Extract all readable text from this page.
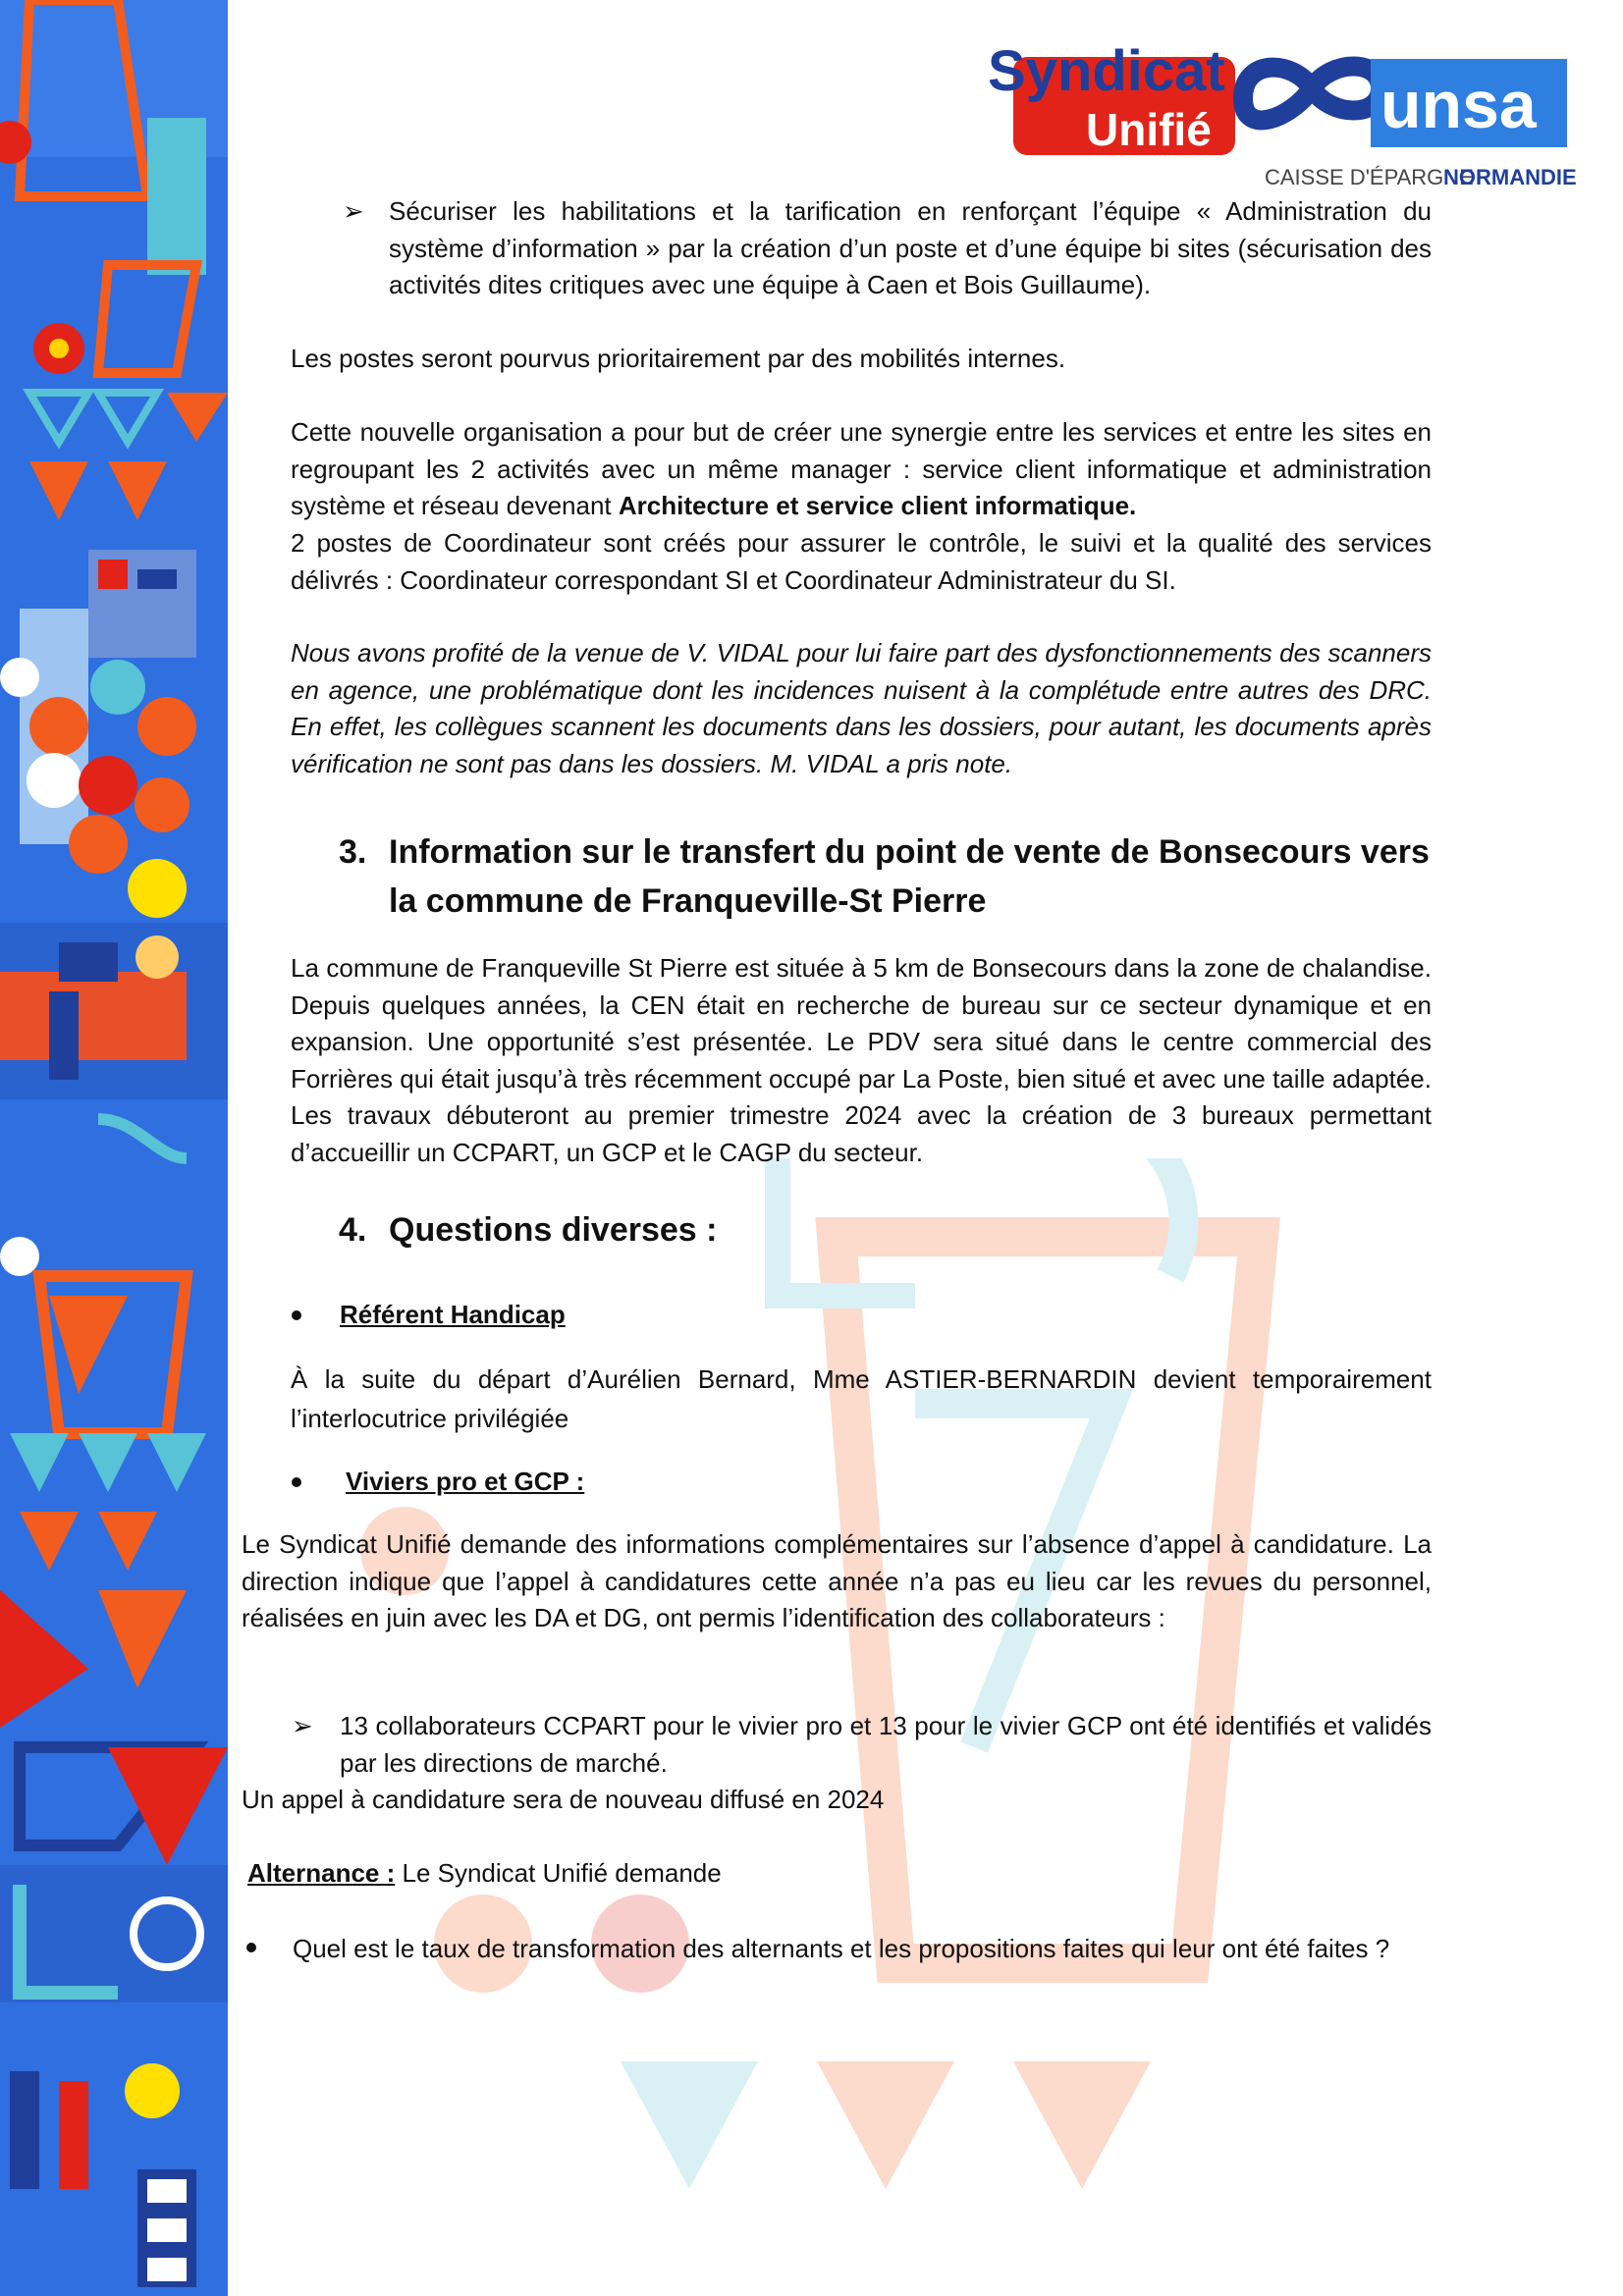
Syndicat
Unifié	unsa
CAISSE D'ÉPARGNE
NORMANDIE
➢ Sécuriser les habilitations et la tarification en renforçant l’équipe « Administration du système d’information » par la création d’un poste et d’une équipe bi sites (sécurisation des activités dites critiques avec une équipe à Caen et Bois Guillaume).

Les postes seront pourvus prioritairement par des mobilités internes.

Cette nouvelle organisation a pour but de créer une synergie entre les services et entre les sites en regroupant les 2 activités avec un même manager : service client informatique et administration système et réseau devenant Architecture et service client informatique.

2 postes de Coordinateur sont créés pour assurer le contrôle, le suivi et la qualité des services délivrés : Coordinateur correspondant SI et Coordinateur Administrateur du SI.

Nous avons profité de la venue de V. VIDAL pour lui faire part des dysfonctionnements des scanners en agence, une problématique dont les incidences nuisent à la complétude entre autres des DRC. En effet, les collègues scannent les documents dans les dossiers, pour autant, les documents après vérification ne sont pas dans les dossiers. M. VIDAL a pris note.

3. Information sur le transfert du point de vente de Bonsecours vers

la commune de Franqueville-St Pierre

La commune de Franqueville St Pierre est située à 5 km de Bonsecours dans la zone de chalandise. Depuis quelques années, la CEN était en recherche de bureau sur ce secteur dynamique et en expansion. Une opportunité s’est présentée. Le PDV sera situé dans le centre commercial des Forrières qui était jusqu’à très récemment occupé par La Poste, bien situé et avec une taille adaptée. Les travaux débuteront au premier trimestre 2024 avec la création de 3 bureaux permettant d’accueillir un CCPART, un GCP et le CAGP du secteur.

4. Questions diverses :

Référent Handicap

À la suite du départ d’Aurélien Bernard, Mme ASTIER-BERNARDIN devient temporairement l’interlocutrice privilégiée

Viviers pro et GCP :

Le Syndicat Unifié demande des informations complémentaires sur l’absence d’appel à candidature. La direction indique que l’appel à candidatures cette année n’a pas eu lieu car les revues du personnel, réalisées en juin avec les DA et DG, ont permis l’identification des collaborateurs :

➢ 13 collaborateurs CCPART pour le vivier pro et 13 pour le vivier GCP ont été identifiés et validés par les directions de marché.

Un appel à candidature sera de nouveau diffusé en 2024

Alternance : Le Syndicat Unifié demande

Quel est le taux de transformation des alternants et les propositions faites qui leur ont été faites ?
